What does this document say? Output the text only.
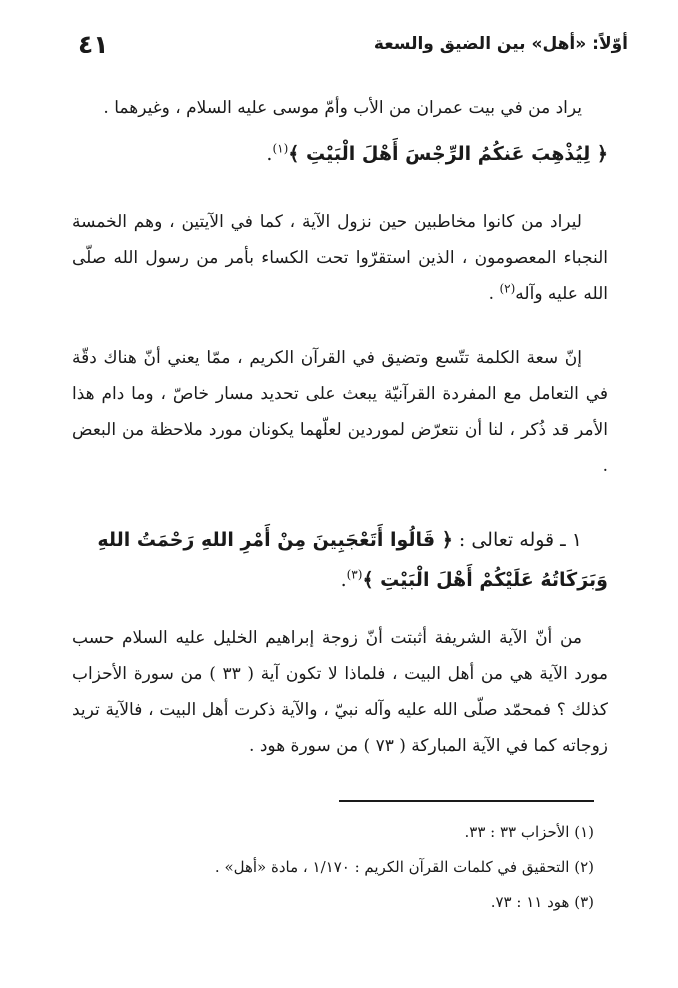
أوّلاً: «أهل» بين الضيق والسعة
٤١

يراد من في بيت عمران من الأب وأمّ موسى عليه السلام ، وغيرهما .

﴿ لِيُذْهِبَ عَنكُمُ الرِّجْسَ أَهْلَ الْبَيْتِ ﴾$^{(١)}$.

ليراد من كانوا مخاطبين حين نزول الآية ، كما في الآيتين ، وهم الخمسة النجباء المعصومون ، الذين استقرّوا تحت الكساء بأمر من رسول الله صلّى الله عليه وآله$^{(٢)}$ .

إنّ سعة الكلمة تتّسع وتضيق في القرآن الكريم ، ممّا يعني أنّ هناك دقّة في التعامل مع المفردة القرآنيّة يبعث على تحديد مسار خاصّ ، وما دام هذا الأمر قد ذُكر ، لنا أن نتعرّض لموردين لعلّهما يكونان مورد ملاحظة من البعض .

١ ـ قوله تعالى : ﴿ قَالُوا أَتَعْجَبِينَ مِنْ أَمْرِ اللهِ رَحْمَتُ اللهِ وَبَرَكَاتُهُ عَلَيْكُمْ أَهْلَ الْبَيْتِ ﴾$^{(٣)}$.

من أنّ الآية الشريفة أثبتت أنّ زوجة إبراهيم الخليل عليه السلام حسب مورد الآية هي من أهل البيت ، فلماذا لا تكون آية ( ٣٣ ) من سورة الأحزاب كذلك ؟ فمحمّد صلّى الله عليه وآله نبيّ ، والآية ذكرت أهل البيت ، فالآية تريد زوجاته كما في الآية المباركة ( ٧٣ ) من سورة هود .

(١) الأحزاب ٣٣ : ٣٣.
(٢) التحقيق في كلمات القرآن الكريم : ١/١٧٠ ، مادة «أهل» .
(٣) هود ١١ : ٧٣.
